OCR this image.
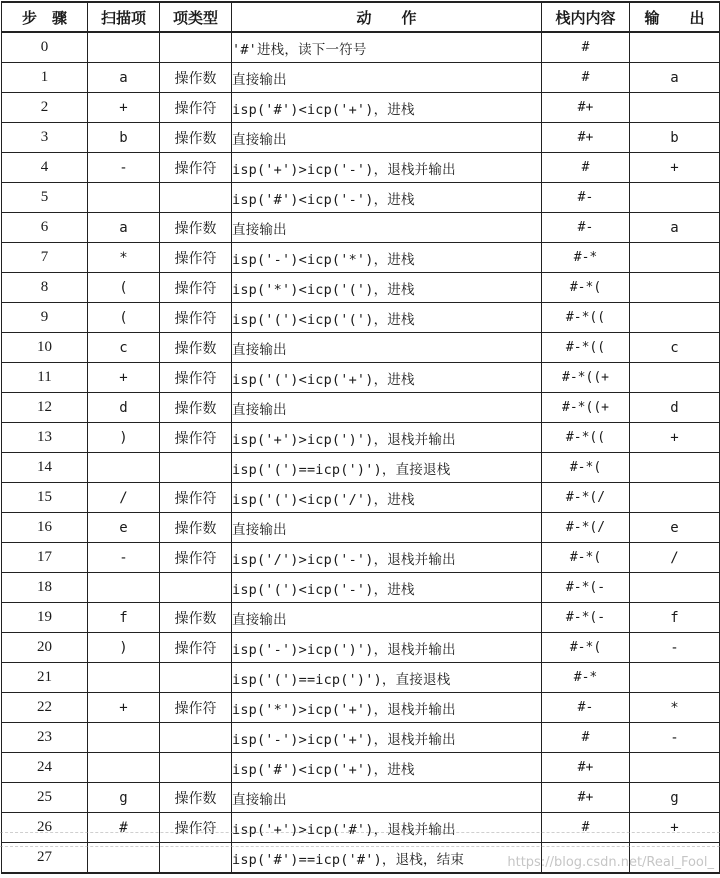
步　骤	扫描项	项类型	动　　作	栈内内容	输　　出
0			'#'进栈，读下一符号	#	
1	a	操作数	直接输出	#	a
2	+	操作符	isp('#')<icp('+')，进栈	#+	
3	b	操作数	直接输出	#+	b
4	-	操作符	isp('+')>icp('-')，退栈并输出	#	+
5			isp('#')<icp('-')，进栈	#-	
6	a	操作数	直接输出	#-	a
7	*	操作符	isp('-')<icp('*')，进栈	#-*	
8	(	操作符	isp('*')<icp('(')，进栈	#-*(	
9	(	操作符	isp('(')<icp('(')，进栈	#-*((	
10	c	操作数	直接输出	#-*((	c
11	+	操作符	isp('(')<icp('+')，进栈	#-*((+	
12	d	操作数	直接输出	#-*((+	d
13	)	操作符	isp('+')>icp(')')，退栈并输出	#-*((	+
14			isp('(')==icp(')')，直接退栈	#-*(	
15	/	操作符	isp('(')<icp('/')，进栈	#-*(/	
16	e	操作数	直接输出	#-*(/	e
17	-	操作符	isp('/')>icp('-')，退栈并输出	#-*(	/
18			isp('(')<icp('-')，进栈	#-*(-	
19	f	操作数	直接输出	#-*(-	f
20	)	操作符	isp('-')>icp(')')，退栈并输出	#-*(	-
21			isp('(')==icp(')')，直接退栈	#-*	
22	+	操作符	isp('*')>icp('+')，退栈并输出	#-	*
23			isp('-')>icp('+')，退栈并输出	#	-
24			isp('#')<icp('+')，进栈	#+	
25	g	操作数	直接输出	#+	g
26	#	操作符	isp('+')>icp('#')，退栈并输出	#	+
27			isp('#')==icp('#')，退栈，结束			https://blog.csdn.net/Real_Fool_
